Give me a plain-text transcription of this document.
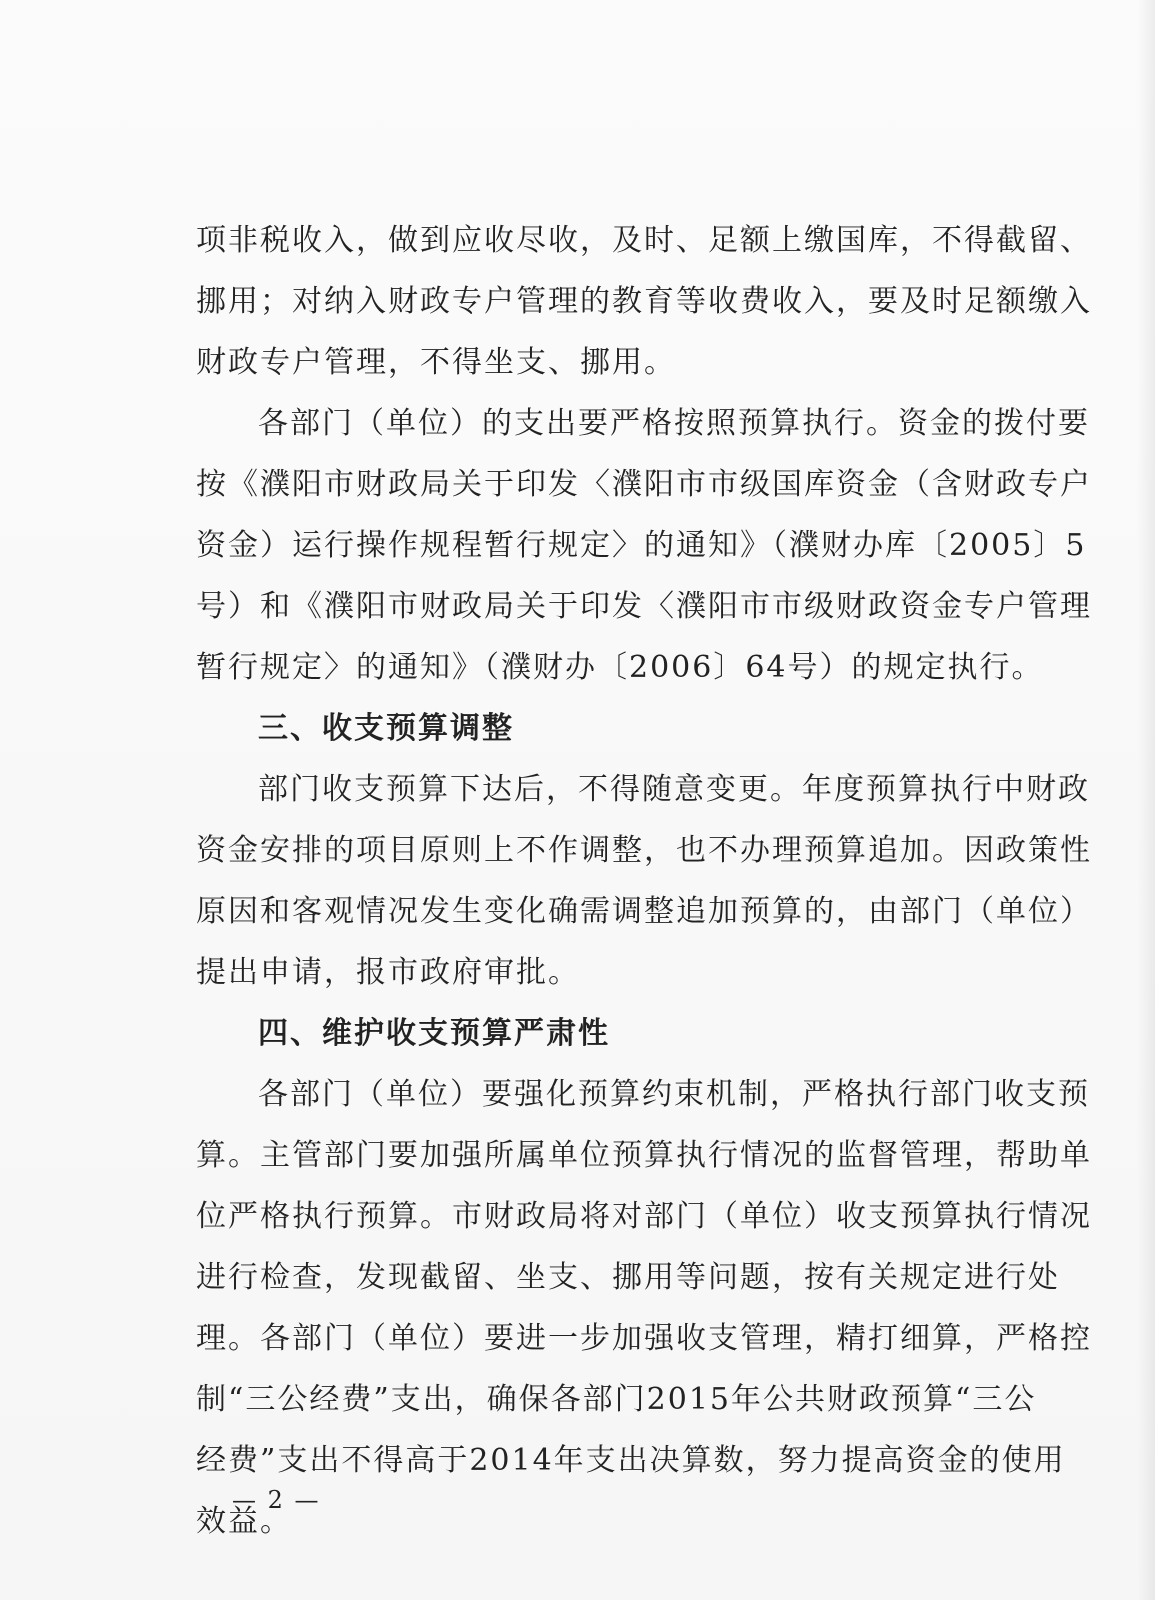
项非税收入，做到应收尽收，及时、足额上缴国库，不得截留、
挪用；对纳入财政专户管理的教育等收费收入，要及时足额缴入
财政专户管理，不得坐支、挪用。
各部门（单位）的支出要严格按照预算执行。资金的拨付要
按《濮阳市财政局关于印发〈濮阳市市级国库资金（含财政专户
资金）运行操作规程暂行规定〉的通知》（濮财办库〔2005〕5
号）和《濮阳市财政局关于印发〈濮阳市市级财政资金专户管理
暂行规定〉的通知》（濮财办〔2006〕64号）的规定执行。
三、收支预算调整
部门收支预算下达后，不得随意变更。年度预算执行中财政
资金安排的项目原则上不作调整，也不办理预算追加。因政策性
原因和客观情况发生变化确需调整追加预算的，由部门（单位）
提出申请，报市政府审批。
四、维护收支预算严肃性
各部门（单位）要强化预算约束机制，严格执行部门收支预
算。主管部门要加强所属单位预算执行情况的监督管理，帮助单
位严格执行预算。市财政局将对部门（单位）收支预算执行情况
进行检查，发现截留、坐支、挪用等问题，按有关规定进行处
理。各部门（单位）要进一步加强收支管理，精打细算，严格控
制“三公经费”支出，确保各部门2015年公共财政预算“三公
经费”支出不得高于2014年支出决算数，努力提高资金的使用
效益。
— 2 —
